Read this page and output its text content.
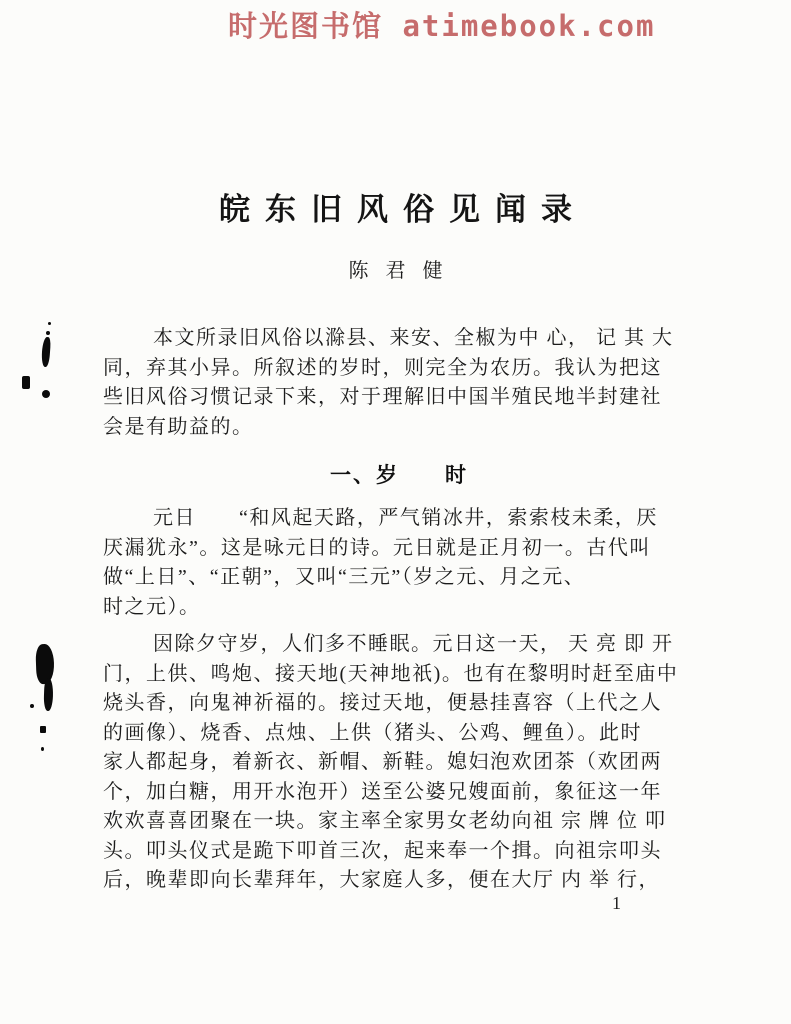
时光图书馆 atimebook.com
皖东旧风俗见闻录
陈君健
本文所录旧风俗以滁县、来安、全椒为中 心， 记 其 大
同，弃其小异。所叙述的岁时，则完全为农历。我认为把这
些旧风俗习惯记录下来，对于理解旧中国半殖民地半封建社
会是有助益的。
一、岁　　时
元日　　“和风起天路，严气销冰井，索索枝未柔，厌
厌漏犹永”。这是咏元日的诗。元日就是正月初一。古代叫
做“上日”、“正朝”，又叫“三元”（岁之元、月之元、
时之元）。
因除夕守岁，人们多不睡眠。元日这一天， 天 亮 即 开
门，上供、鸣炮、接天地(天神地祇)。也有在黎明时赶至庙中
烧头香，向鬼神祈福的。接过天地，便悬挂喜容（上代之人
的画像）、烧香、点烛、上供（猪头、公鸡、鲤鱼）。此时
家人都起身，着新衣、新帽、新鞋。媳妇泡欢团茶（欢团两
个，加白糖，用开水泡开）送至公婆兄嫂面前，象征这一年
欢欢喜喜团聚在一块。家主率全家男女老幼向祖 宗 牌 位 叩
头。叩头仪式是跪下叩首三次，起来奉一个揖。向祖宗叩头
后，晚辈即向长辈拜年，大家庭人多，便在大厅 内 举 行，
1
